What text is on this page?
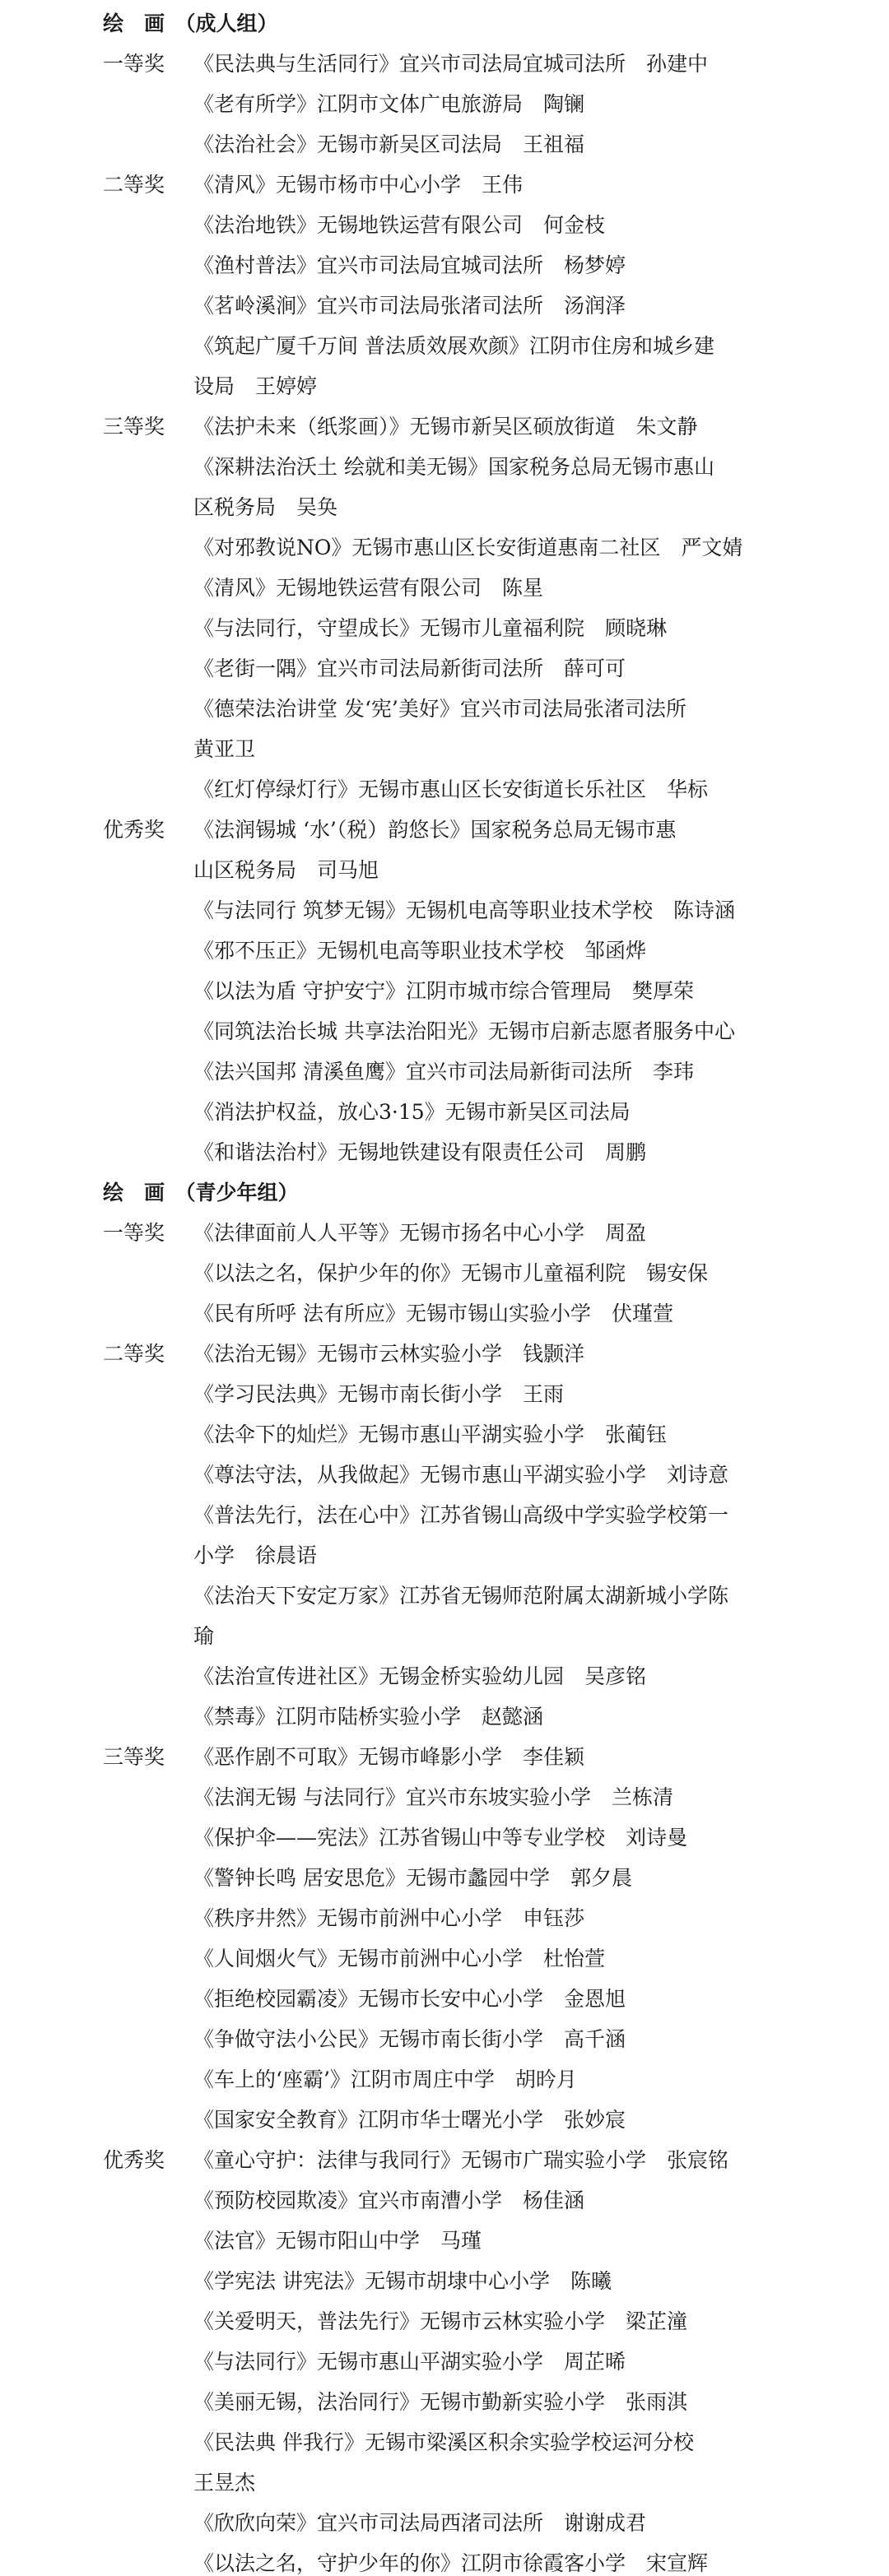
绘　画　（成人组）
一等奖 《民法典与生活同行》宜兴市司法局宜城司法所　孙建中
《老有所学》江阴市文体广电旅游局　陶镧
《法治社会》无锡市新吴区司法局　王祖福
二等奖 《清风》无锡市杨市中心小学　王伟
《法治地铁》无锡地铁运营有限公司　何金枝
《渔村普法》宜兴市司法局宜城司法所　杨梦婷
《茗岭溪涧》宜兴市司法局张渚司法所　汤润泽
《筑起广厦千万间 普法质效展欢颜》江阴市住房和城乡建
设局　王婷婷
三等奖 《法护未来（纸浆画）》无锡市新吴区硕放街道　朱文静
《深耕法治沃土 绘就和美无锡》国家税务总局无锡市惠山
区税务局　吴奂
《对邪教说NO》无锡市惠山区长安街道惠南二社区　严文婧
《清风》无锡地铁运营有限公司　陈星
《与法同行，守望成长》无锡市儿童福利院　顾晓琳
《老街一隅》宜兴市司法局新街司法所　薛可可
《德荣法治讲堂 发‘宪’美好》宜兴市司法局张渚司法所
黄亚卫
《红灯停绿灯行》无锡市惠山区长安街道长乐社区　华标
优秀奖 《法润锡城 ‘水’（税）韵悠长》国家税务总局无锡市惠
山区税务局　司马旭
《与法同行 筑梦无锡》无锡机电高等职业技术学校　陈诗涵
《邪不压正》无锡机电高等职业技术学校　邹函烨
《以法为盾 守护安宁》江阴市城市综合管理局　樊厚荣
《同筑法治长城 共享法治阳光》无锡市启新志愿者服务中心
《法兴国邦 清溪鱼鹰》宜兴市司法局新街司法所　李玮
《消法护权益，放心3·15》无锡市新吴区司法局
《和谐法治村》无锡地铁建设有限责任公司　周鹏
绘　画　（青少年组）
一等奖 《法律面前人人平等》无锡市扬名中心小学　周盈
《以法之名，保护少年的你》无锡市儿童福利院　锡安保
《民有所呼 法有所应》无锡市锡山实验小学　伏瑾萱
二等奖 《法治无锡》无锡市云林实验小学　钱颢洋
《学习民法典》无锡市南长街小学　王雨
《法伞下的灿烂》无锡市惠山平湖实验小学　张蔺钰
《尊法守法，从我做起》无锡市惠山平湖实验小学　刘诗意
《普法先行，法在心中》江苏省锡山高级中学实验学校第一
小学　徐晨语
《法治天下安定万家》江苏省无锡师范附属太湖新城小学陈
瑜
《法治宣传进社区》无锡金桥实验幼儿园　吴彦铭
《禁毒》江阴市陆桥实验小学　赵懿涵
三等奖 《恶作剧不可取》无锡市峰影小学　李佳颖
《法润无锡 与法同行》宜兴市东坡实验小学　兰栋清
《保护伞——宪法》江苏省锡山中等专业学校　刘诗曼
《警钟长鸣 居安思危》无锡市蠡园中学　郭夕晨
《秩序井然》无锡市前洲中心小学　申钰莎
《人间烟火气》无锡市前洲中心小学　杜怡萱
《拒绝校园霸凌》无锡市长安中心小学　金恩旭
《争做守法小公民》无锡市南长街小学　高千涵
《车上的‘座霸’》江阴市周庄中学　胡昑月
《国家安全教育》江阴市华士曙光小学　张妙宸
优秀奖 《童心守护：法律与我同行》无锡市广瑞实验小学　张宸铭
《预防校园欺凌》宜兴市南漕小学　杨佳涵
《法官》无锡市阳山中学　马瑾
《学宪法 讲宪法》无锡市胡埭中心小学　陈曦
《关爱明天，普法先行》无锡市云林实验小学　梁芷潼
《与法同行》无锡市惠山平湖实验小学　周芷晞
《美丽无锡，法治同行》无锡市勤新实验小学　张雨淇
《民法典 伴我行》无锡市梁溪区积余实验学校运河分校
王昱杰
《欣欣向荣》宜兴市司法局西渚司法所　谢谢成君
《以法之名，守护少年的你》江阴市徐霞客小学　宋宣辉
